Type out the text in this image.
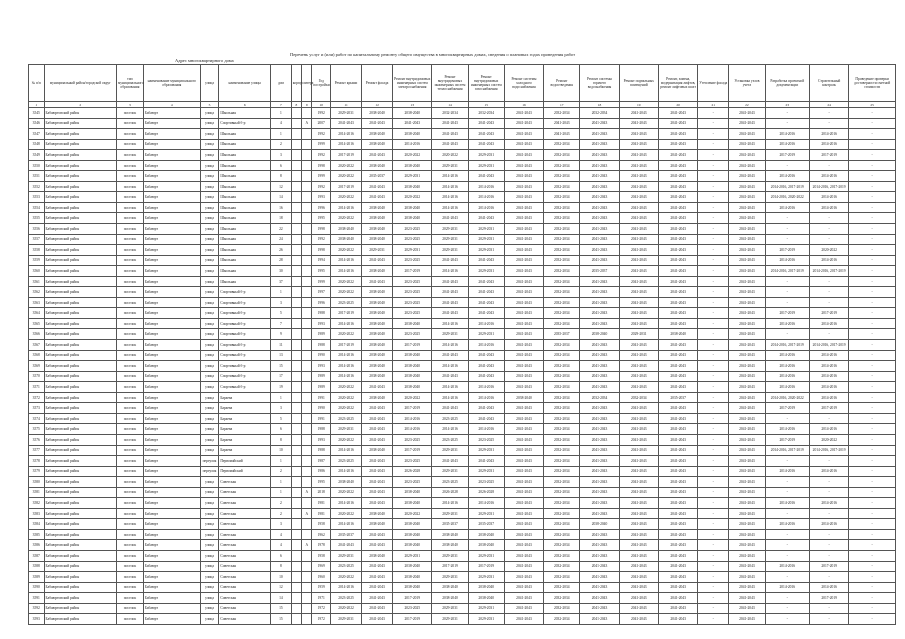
Перечень услуг и (или) работ по капитальному ремонту общего имущества в многоквартирных домах, сведения о плановых годах проведения работ
Адрес многоквартирного дома
№ п/п	муниципальный район/городской округ	тип муниципального образования	наименование муниципального образования	улица	наименование улицы	дом	корпус	литера	Год постройки	Ремонт крыши	Ремонт фасада	Ремонт внутридомовых инженерных систем электроснабжения	Ремонт внутридомовых инженерных систем теплоснабжения	Ремонт внутридомовых инженерных систем газоснабжения	Ремонт системы холодного водоснабжения	Ремонт водоотведения	Ремонт системы горячего водоснабжения	Ремонт подвальных помещений	Ремонт, замена, модернизация лифтов, ремонт лифтовых шахт	Утепление фасада	Установка узлов учета	Разработка проектной документации	Строительный контроль	Проведение проверки достоверности сметной стоимости
1	2	3	4	5	6	7	8	9	10	11	12	13	14	15	16	17	18	19	20	21	22	23	24	25
3545	Бабаюртовский район	поселок	Бабаюрт	улица	Школьная	1			1992	2029-2031	2038-2040	2038-2040	2032-2034	2032-2034	2041-2043	2032-2034	2032-2034	2041-2043	2041-2043	-	2041-2043	-	-	-
3546	Бабаюртовский район	поселок	Бабаюрт	улица	Спортивный б-р	4		А	2007	2041-2043	2041-2043	2041-2043	2041-2043	2041-2043	2041-2043	2041-2043	2041-2043	2041-2043	2041-2043	-	2041-2043	-	-	-
3547	Бабаюртовский район	поселок	Бабаюрт	улица	Школьная	1			1992	2014-2016	2038-2040	2038-2040	2041-2043	2041-2043	2041-2043	2041-2043	2041-2043	2041-2043	2041-2043	-	2041-2043	2014-2016	2014-2016	-
3548	Бабаюртовский район	поселок	Бабаюрт	улица	Школьная	2			1999	2014-2016	2038-2040	2014-2016	2041-2043	2041-2043	2041-2043	2032-2034	2041-2043	2041-2043	2041-2043	-	2041-2043	2014-2016	2014-2016	-
3549	Бабаюртовский район	поселок	Бабаюрт	улица	Школьная	3			1992	2017-2019	2041-2043	2020-2022	2020-2022	2029-2031	2041-2043	2032-2034	2041-2043	2041-2043	2041-2043	-	2041-2043	2017-2019	2017-2019	-
3550	Бабаюртовский район	поселок	Бабаюрт	улица	Школьная	6			1998	2020-2022	2038-2040	2038-2040	2029-2031	2029-2031	2041-2043	2032-2034	2041-2043	2041-2043	2041-2043	-	2041-2043	-	-	-
3551	Бабаюртовский район	поселок	Бабаюрт	улица	Школьная	8			1999	2020-2022	2035-2037	2029-2031	2014-2016	2041-2043	2041-2043	2032-2034	2041-2043	2041-2043	2041-2043	-	2041-2043	2014-2016	2014-2016	-
3552	Бабаюртовский район	поселок	Бабаюрт	улица	Школьная	12			1992	2017-2019	2041-2043	2038-2040	2014-2016	2014-2016	2041-2043	2032-2034	2041-2043	2041-2043	2041-2043	-	2041-2043	2014-2016, 2017-2019	2014-2016, 2017-2019	-
3553	Бабаюртовский район	поселок	Бабаюрт	улица	Школьная	14			1993	2020-2022	2041-2043	2020-2022	2014-2016	2014-2016	2041-2043	2032-2034	2041-2043	2041-2043	2041-2043	-	2041-2043	2014-2016, 2020-2022	2014-2016	-
3554	Бабаюртовский район	поселок	Бабаюрт	улица	Школьная	16			1996	2014-2016	2038-2040	2038-2040	2014-2016	2014-2016	2041-2043	2032-2034	2041-2043	2041-2043	2041-2043	-	2041-2043	2014-2016	2014-2016	-
3555	Бабаюртовский район	поселок	Бабаюрт	улица	Школьная	18			1995	2020-2022	2038-2040	2038-2040	2041-2043	2041-2043	2041-2043	2032-2034	2041-2043	2041-2043	2041-2043	-	2041-2043	-	-	-
3556	Бабаюртовский район	поселок	Бабаюрт	улица	Школьная	22			1998	2038-2040	2038-2040	2023-2025	2029-2031	2029-2031	2041-2043	2032-2034	2041-2043	2041-2043	2041-2043	-	2041-2043	-	-	-
3557	Бабаюртовский район	поселок	Бабаюрт	улица	Школьная	24			1992	2038-2040	2038-2040	2023-2025	2029-2031	2029-2031	2041-2043	2032-2034	2041-2043	2041-2043	2041-2043	-	2041-2043	-	-	-
3558	Бабаюртовский район	поселок	Бабаюрт	улица	Школьная	26			1998	2020-2022	2029-2031	2029-2031	2029-2031	2029-2031	2041-2043	2032-2034	2041-2043	2041-2043	2041-2043	-	2041-2043	2017-2019	2020-2022	-
3559	Бабаюртовский район	поселок	Бабаюрт	улица	Школьная	28			1994	2014-2016	2041-2043	2023-2025	2041-2043	2041-2043	2041-2043	2032-2034	2041-2043	2041-2043	2041-2043	-	2041-2043	2014-2016	2014-2016	-
3560	Бабаюртовский район	поселок	Бабаюрт	улица	Школьная	30			1995	2014-2016	2038-2040	2017-2019	2014-2016	2029-2031	2041-2043	2032-2034	2035-2037	2041-2043	2041-2043	-	2041-2043	2014-2016, 2017-2019	2014-2016, 2017-2019	-
3561	Бабаюртовский район	поселок	Бабаюрт	улица	Школьная	37			1999	2020-2022	2041-2043	2023-2025	2041-2043	2041-2043	2041-2043	2032-2034	2041-2043	2041-2043	2041-2043	-	2041-2043	-	-	-
3562	Бабаюртовский район	поселок	Бабаюрт	улица	Спортивный б-р	1			1997	2020-2022	2038-2040	2023-2025	2041-2043	2041-2043	2041-2043	2032-2034	2041-2043	2041-2043	2041-2043	-	2041-2043	-	-	-
3563	Бабаюртовский район	поселок	Бабаюрт	улица	Спортивный б-р	3			1996	2023-2025	2038-2040	2023-2025	2041-2043	2041-2043	2041-2043	2032-2034	2041-2043	2041-2043	2041-2043	-	2041-2043	-	-	-
3564	Бабаюртовский район	поселок	Бабаюрт	улица	Спортивный б-р	5			1988	2017-2019	2038-2040	2023-2025	2041-2043	2041-2043	2041-2043	2032-2034	2041-2043	2041-2043	2041-2043	-	2041-2043	2017-2019	2017-2019	-
3565	Бабаюртовский район	поселок	Бабаюрт	улица	Спортивный б-р	7			1993	2014-2016	2038-2040	2038-2040	2014-2016	2014-2016	2041-2043	2032-2034	2041-2043	2041-2043	2041-2043	-	2041-2043	2014-2016	2014-2016	-
3566	Бабаюртовский район	поселок	Бабаюрт	улица	Спортивный б-р	9			1989	2020-2022	2038-2040	2023-2025	2029-2031	2029-2031	2041-2043	2035-2037	2038-2040	2029-2031	2038-2040	-	2041-2043	-	-	-
3567	Бабаюртовский район	поселок	Бабаюрт	улица	Спортивный б-р	11			1988	2017-2019	2038-2040	2017-2019	2014-2016	2014-2016	2041-2043	2032-2034	2041-2043	2041-2043	2041-2043	-	2041-2043	2014-2016, 2017-2019	2014-2016, 2017-2019	-
3568	Бабаюртовский район	поселок	Бабаюрт	улица	Спортивный б-р	13			1990	2014-2016	2038-2040	2038-2040	2041-2043	2041-2043	2041-2043	2032-2034	2041-2043	2041-2043	2041-2043	-	2041-2043	2014-2016	2014-2016	-
3569	Бабаюртовский район	поселок	Бабаюрт	улица	Спортивный б-р	15			1993	2014-2016	2038-2040	2038-2040	2014-2016	2041-2043	2041-2043	2032-2034	2041-2043	2041-2043	2041-2043	-	2041-2043	2014-2016	2014-2016	-
3570	Бабаюртовский район	поселок	Бабаюрт	улица	Спортивный б-р	17			1989	2014-2016	2038-2040	2038-2040	2041-2043	2041-2043	2041-2043	2032-2034	2041-2043	2041-2043	2041-2043	-	2041-2043	2014-2016	2014-2016	-
3571	Бабаюртовский район	поселок	Бабаюрт	улица	Спортивный б-р	19			1989	2020-2022	2041-2043	2038-2040	2014-2016	2014-2016	2041-2043	2032-2034	2041-2043	2041-2043	2041-2043	-	2041-2043	2014-2016	2014-2016	-
3572	Бабаюртовский район	поселок	Бабаюрт	улица	Бараева	1			1991	2020-2022	2038-2040	2020-2022	2014-2016	2014-2016	2038-2040	2032-2034	2032-2034	2032-2034	2035-2037	-	2041-2043	2014-2016, 2020-2022	2014-2016	-
3573	Бабаюртовский район	поселок	Бабаюрт	улица	Бараева	3			1990	2020-2022	2041-2043	2017-2019	2041-2043	2041-2043	2041-2043	2032-2034	2041-2043	2041-2043	2041-2043	-	2041-2043	2017-2019	2017-2019	-
3574	Бабаюртовский район	поселок	Бабаюрт	улица	Бараева	5			1991	2023-2025	2041-2043	2014-2016	2023-2025	2041-2043	2041-2043	2032-2034	2041-2043	2041-2043	2041-2043	-	2041-2043	-	-	-
3575	Бабаюртовский район	поселок	Бабаюрт	улица	Бараева	6			1988	2029-2031	2041-2043	2014-2016	2014-2016	2014-2016	2041-2043	2032-2034	2041-2043	2041-2043	2041-2043	-	2041-2043	2014-2016	2014-2016	-
3576	Бабаюртовский район	поселок	Бабаюрт	улица	Бараева	8			1993	2020-2022	2041-2043	2023-2025	2023-2025	2023-2025	2041-2043	2032-2034	2041-2043	2041-2043	2041-2043	-	2041-2043	2017-2019	2020-2022	-
3577	Бабаюртовский район	поселок	Бабаюрт	улица	Бараева	10			1988	2014-2016	2038-2040	2017-2019	2029-2031	2029-2031	2041-2043	2032-2034	2041-2043	2041-2043	2041-2043	-	2041-2043	2014-2016, 2017-2019	2014-2016, 2017-2019	-
3578	Бабаюртовский район	поселок	Бабаюрт	переулок	Первомайский	1			1987	2023-2025	2041-2043	2023-2025	2041-2043	2041-2043	2041-2043	2032-2034	2041-2043	2041-2043	2041-2043	-	2041-2043	-	-	-
3579	Бабаюртовский район	поселок	Бабаюрт	переулок	Первомайский	2			1986	2014-2016	2041-2043	2026-2028	2029-2031	2029-2031	2041-2043	2032-2034	2041-2043	2041-2043	2041-2043	-	2041-2043	2014-2016	2014-2016	-
3580	Бабаюртовский район	поселок	Бабаюрт	улица	Советская	1			1995	2038-2040	2041-2043	2023-2025	2023-2025	2023-2025	2041-2043	2032-2034	2041-2043	2041-2043	2041-2043	-	2041-2043	-	-	-
3581	Бабаюртовский район	поселок	Бабаюрт	улица	Советская	1		А	2018	2020-2022	2041-2043	2038-2040	2026-2028	2026-2028	2041-2043	2032-2034	2041-2043	2041-2043	2041-2043	-	2041-2043	-	-	-
3582	Бабаюртовский район	поселок	Бабаюрт	улица	Советская	2			1981	2014-2016	2041-2043	2038-2040	2014-2016	2014-2016	2041-2043	2032-2034	2041-2043	2041-2043	2041-2043	-	2041-2043	2014-2016	2014-2016	-
3583	Бабаюртовский район	поселок	Бабаюрт	улица	Советская	2		А	1981	2020-2022	2038-2040	2020-2022	2029-2031	2029-2031	2041-2043	2032-2034	2041-2043	2041-2043	2041-2043	-	2041-2043	-	-	-
3584	Бабаюртовский район	поселок	Бабаюрт	улица	Советская	3			1958	2014-2016	2038-2040	2038-2040	2035-2037	2035-2037	2041-2043	2032-2034	2038-2040	2041-2043	2041-2043	-	2041-2043	2014-2016	2014-2016	-
3585	Бабаюртовский район	поселок	Бабаюрт	улица	Советская	4			1962	2035-2037	2041-2043	2038-2040	2038-2040	2038-2040	2041-2043	2032-2034	2041-2043	2041-2043	2041-2043	-	2041-2043	-	-	-
3586	Бабаюртовский район	поселок	Бабаюрт	улица	Советская	4		А	1978	2041-2043	2041-2043	2038-2040	2038-2040	2038-2040	2041-2043	2032-2034	2041-2043	2041-2043	2041-2043	-	2041-2043	-	-	-
3587	Бабаюртовский район	поселок	Бабаюрт	улица	Советская	6			1958	2029-2031	2038-2040	2029-2031	2029-2031	2029-2031	2041-2043	2032-2034	2041-2043	2041-2043	2041-2043	-	2041-2043	-	-	-
3588	Бабаюртовский район	поселок	Бабаюрт	улица	Советская	8			1969	2023-2025	2041-2043	2038-2040	2017-2019	2017-2019	2041-2043	2032-2034	2041-2043	2041-2043	2041-2043	-	2041-2043	2014-2016	2017-2019	-
3589	Бабаюртовский район	поселок	Бабаюрт	улица	Советская	10			1960	2020-2022	2041-2043	2038-2040	2029-2031	2029-2031	2041-2043	2032-2034	2041-2043	2041-2043	2041-2043	-	2041-2043	-	-	-
3590	Бабаюртовский район	поселок	Бабаюрт	улица	Советская	12			1959	2014-2016	2041-2043	2038-2040	2038-2040	2038-2040	2041-2043	2032-2034	2041-2043	2041-2043	2041-2043	-	2041-2043	2014-2016	2014-2016	-
3591	Бабаюртовский район	поселок	Бабаюрт	улица	Советская	14			1971	2023-2025	2041-2043	2017-2019	2038-2040	2038-2040	2041-2043	2032-2034	2041-2043	2041-2043	2041-2043	-	2041-2043	-	2017-2019	-
3592	Бабаюртовский район	поселок	Бабаюрт	улица	Советская	15			1972	2020-2022	2041-2043	2023-2025	2029-2031	2029-2031	2041-2043	2032-2034	2041-2043	2041-2043	2041-2043	-	2041-2043	-	-	-
3593	Бабаюртовский район	поселок	Бабаюрт	улица	Советская	15			1972	2029-2031	2041-2043	2017-2019	2029-2031	2029-2031	2041-2043	2032-2034	2041-2043	2041-2043	2041-2043	-	2041-2043	-	-	-
